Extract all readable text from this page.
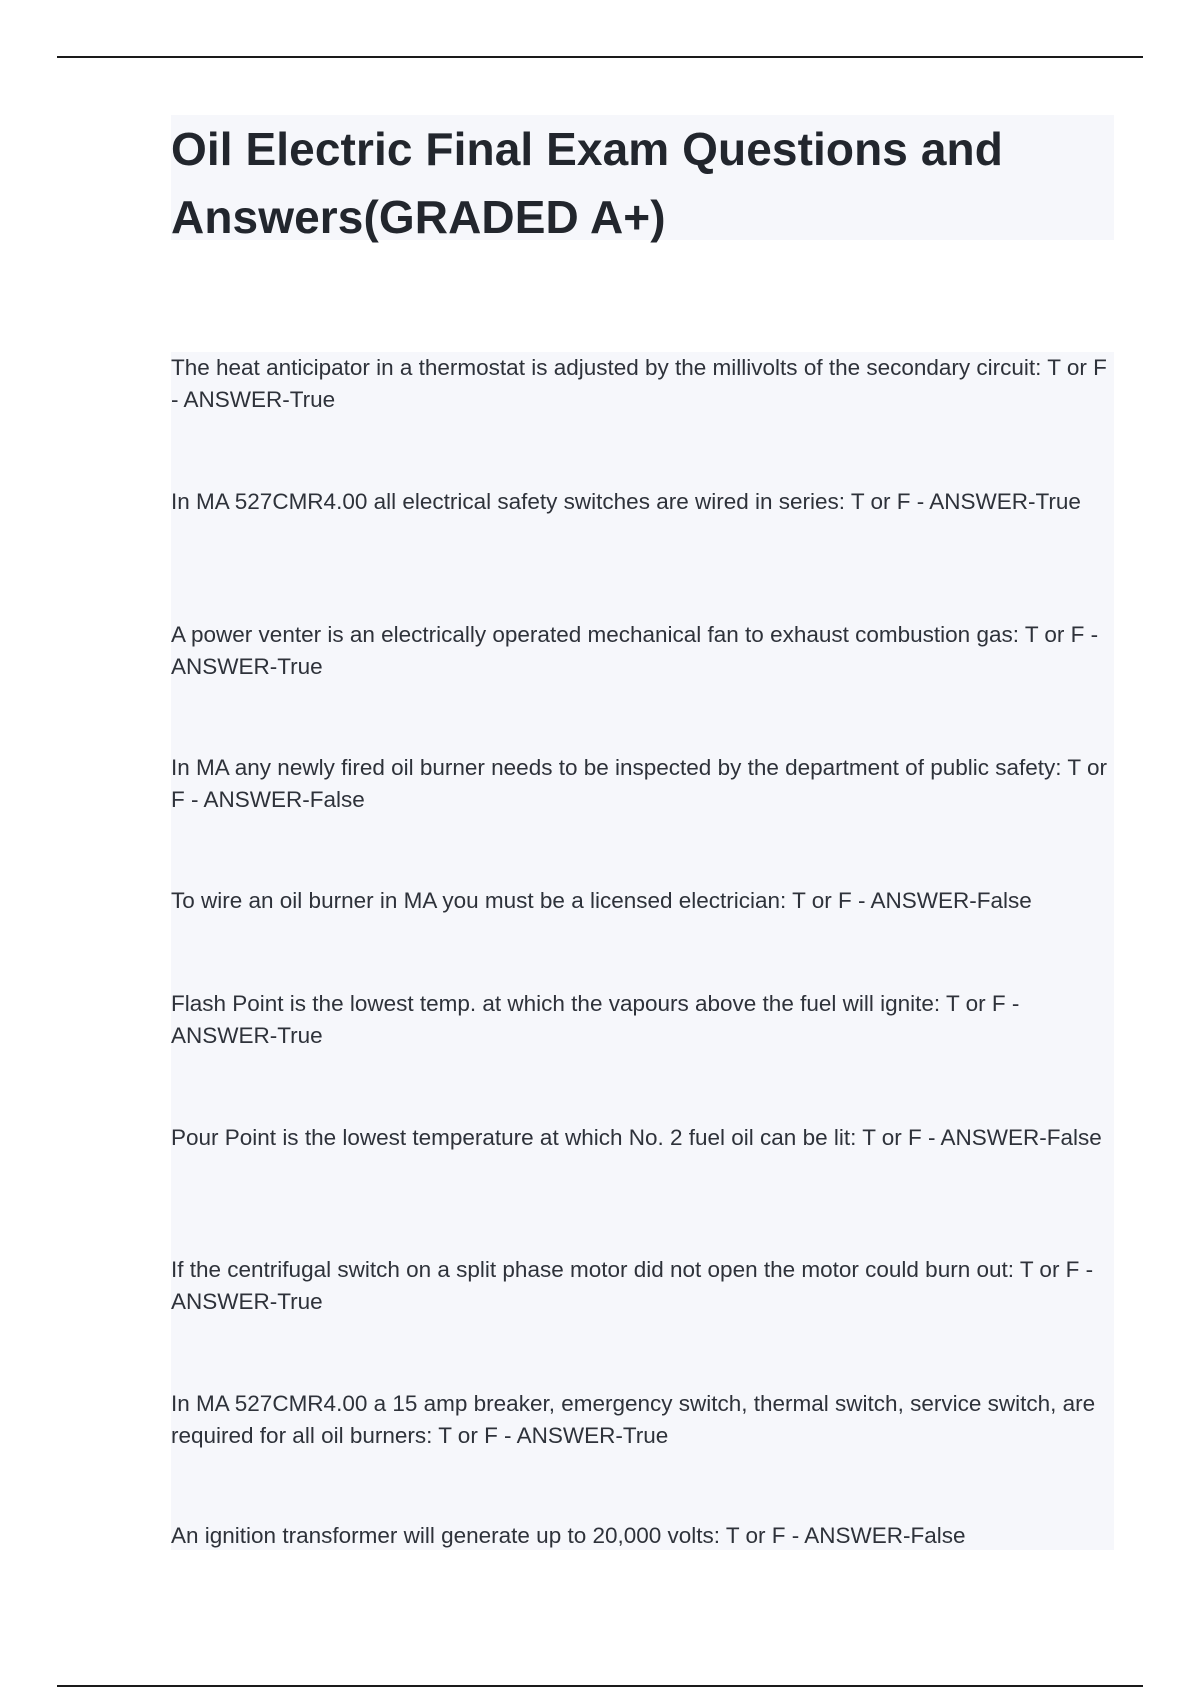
Oil Electric Final Exam Questions and Answers(GRADED A+)

The heat anticipator in a thermostat is adjusted by the millivolts of the secondary circuit: T or F - ANSWER-True

In MA 527CMR4.00 all electrical safety switches are wired in series: T or F - ANSWER-True

A power venter is an electrically operated mechanical fan to exhaust combustion gas: T or F - ANSWER-True

In MA any newly fired oil burner needs to be inspected by the department of public safety: T or F - ANSWER-False

To wire an oil burner in MA you must be a licensed electrician: T or F - ANSWER-False

Flash Point is the lowest temp. at which the vapours above the fuel will ignite: T or F - ANSWER-True

Pour Point is the lowest temperature at which No. 2 fuel oil can be lit: T or F - ANSWER-False

If the centrifugal switch on a split phase motor did not open the motor could burn out: T or F - ANSWER-True

In MA 527CMR4.00 a 15 amp breaker, emergency switch, thermal switch, service switch, are required for all oil burners: T or F - ANSWER-True

An ignition transformer will generate up to 20,000 volts: T or F - ANSWER-False
